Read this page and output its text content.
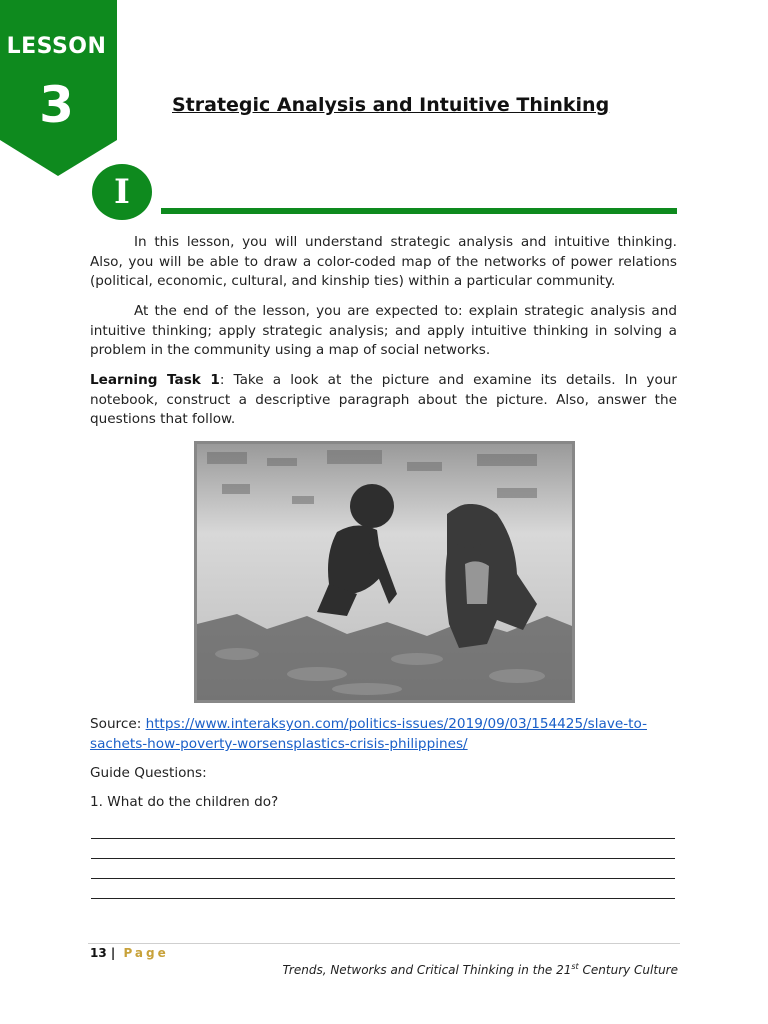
LESSON
3	Strategic Analysis and Intuitive Thinking
I

In this lesson, you will understand strategic analysis and intuitive thinking. Also, you will be able to draw a color-coded map of the networks of power relations (political, economic, cultural, and kinship ties) within a particular community.

At the end of the lesson, you are expected to: explain strategic analysis and intuitive thinking; apply strategic analysis; and apply intuitive thinking in solving a problem in the community using a map of social networks.

Learning Task 1: Take a look at the picture and examine its details. In your notebook, construct a descriptive paragraph about the picture. Also, answer the questions that follow.

Source: https://www.interaksyon.com/politics-issues/2019/09/03/154425/slave-to-sachets-how-poverty-worsensplastics-crisis-philippines/
Guide Questions:
1. What do the children do?
13 | Page
Trends, Networks and Critical Thinking in the 21st Century Culture
